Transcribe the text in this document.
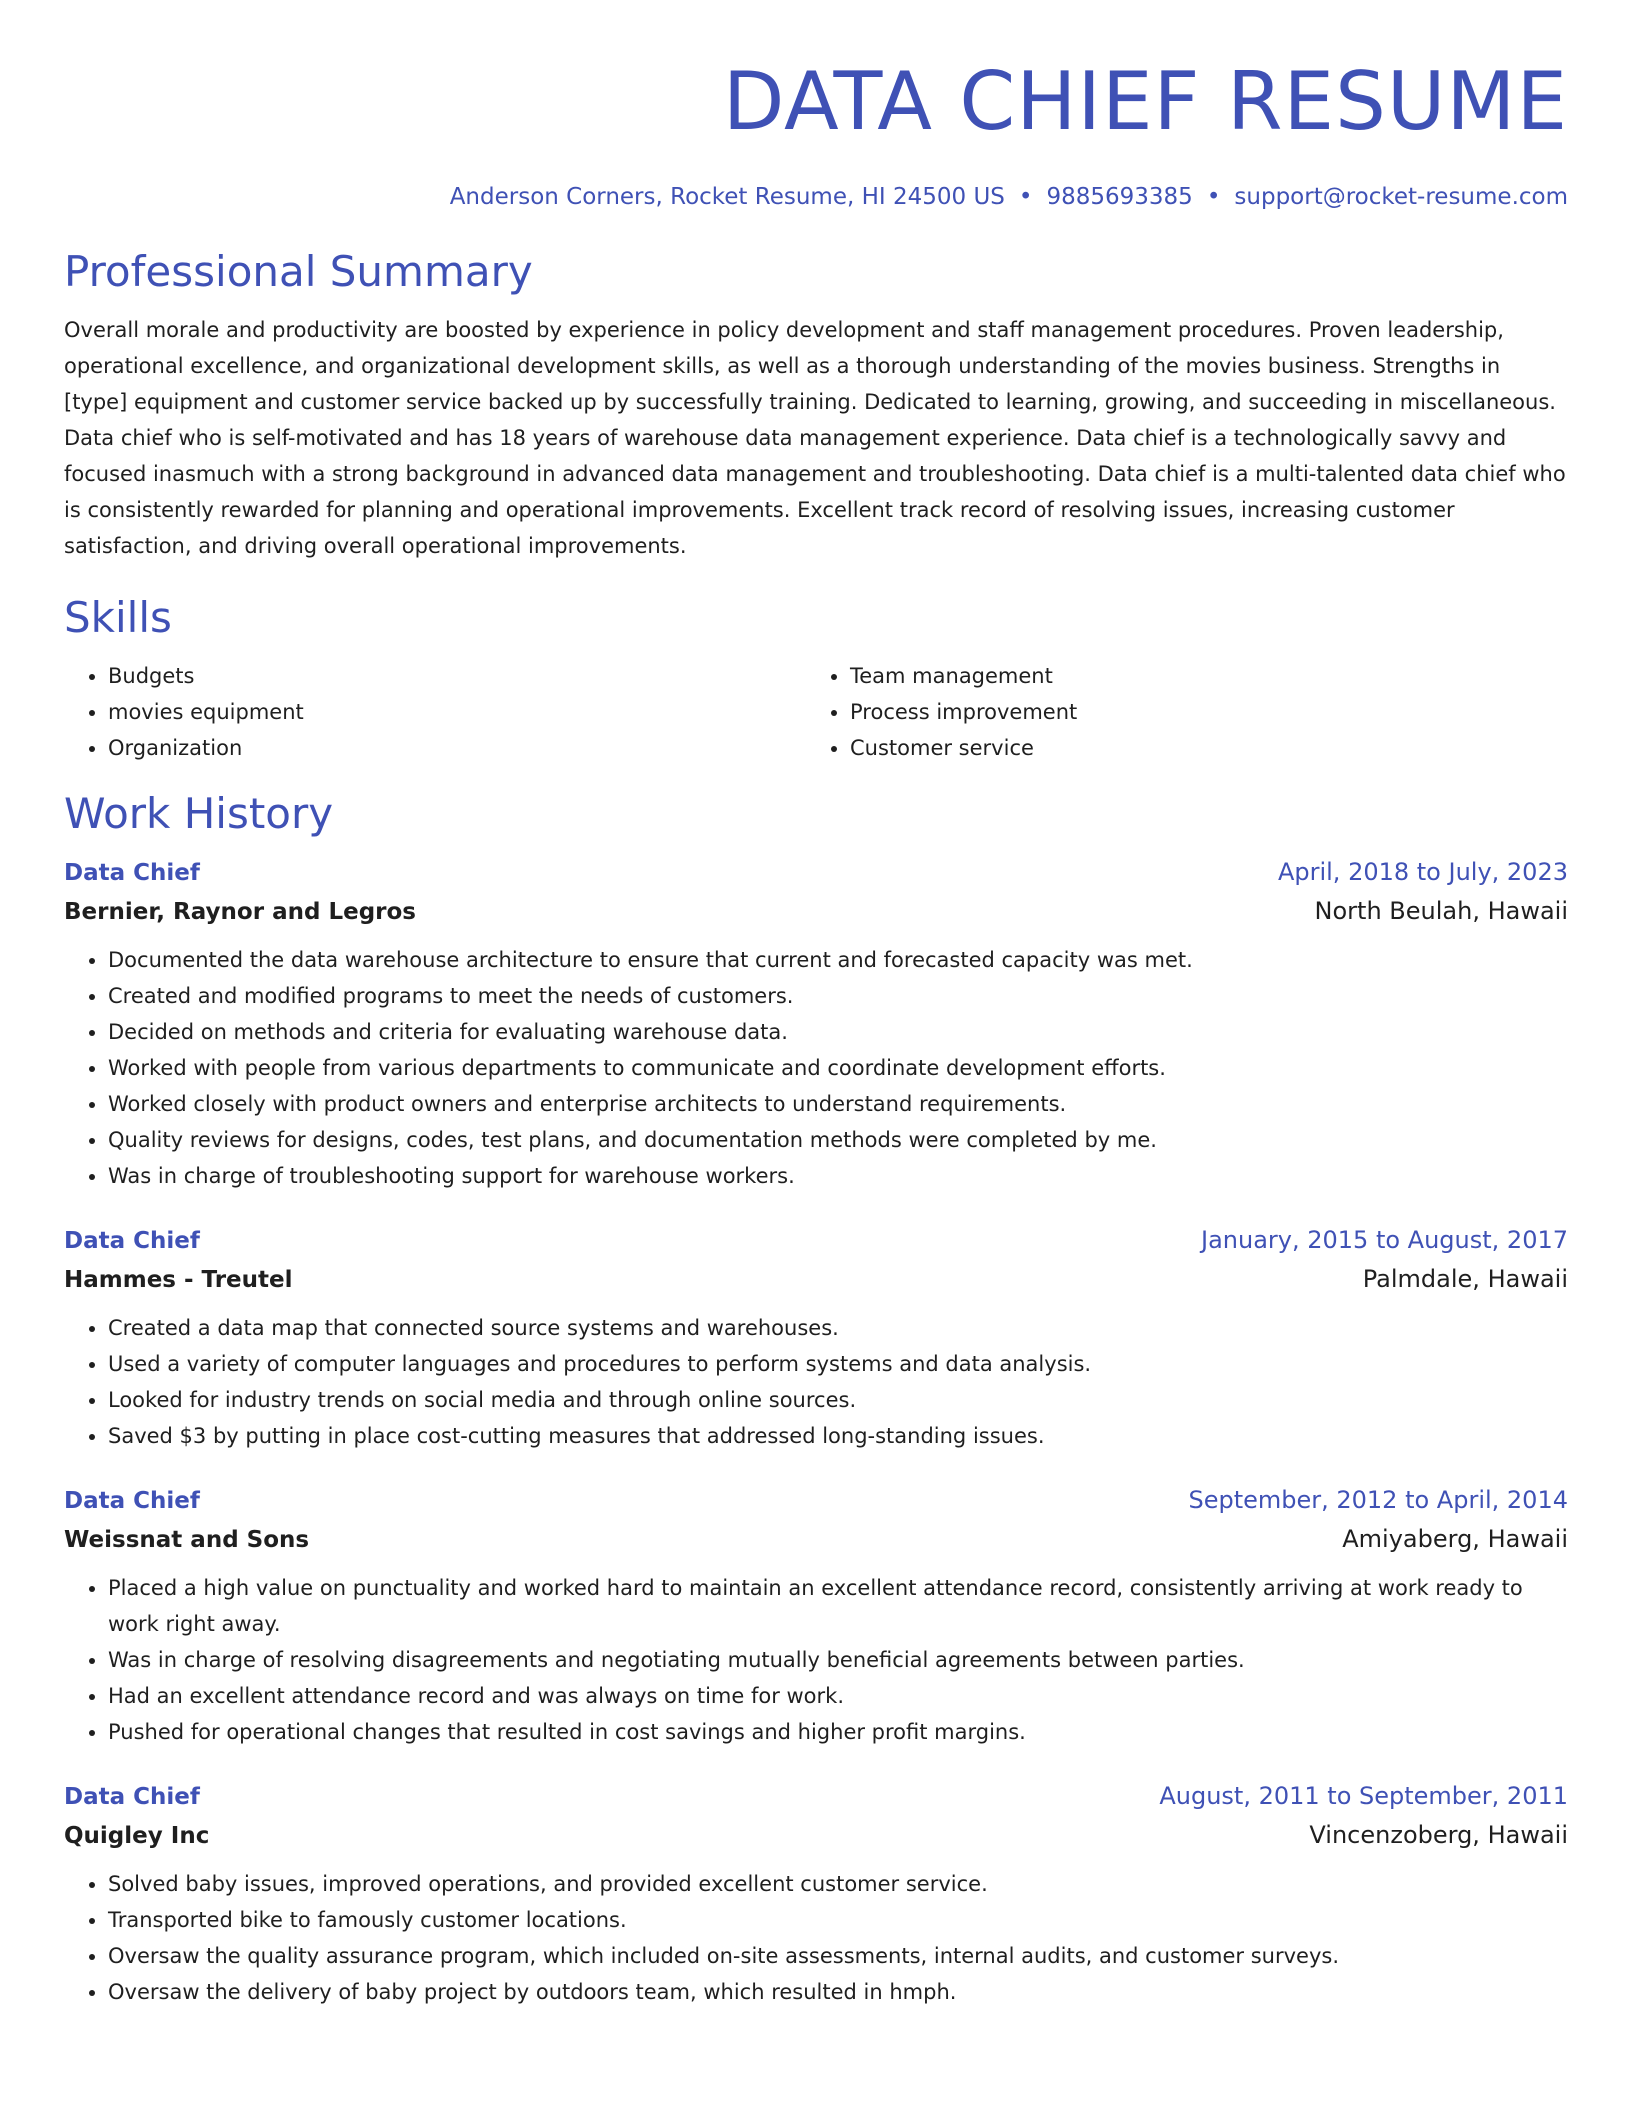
DATA CHIEF RESUME
Anderson Corners, Rocket Resume, HI 24500 US • 9885693385 • support@rocket-resume.com
Professional Summary
Overall morale and productivity are boosted by experience in policy development and staff management procedures. Proven leadership, operational excellence, and organizational development skills, as well as a thorough understanding of the movies business. Strengths in [type] equipment and customer service backed up by successfully training. Dedicated to learning, growing, and succeeding in miscellaneous. Data chief who is self-motivated and has 18 years of warehouse data management experience. Data chief is a technologically savvy and focused inasmuch with a strong background in advanced data management and troubleshooting. Data chief is a multi-talented data chief who is consistently rewarded for planning and operational improvements. Excellent track record of resolving issues, increasing customer satisfaction, and driving overall operational improvements.
Skills
• Budgets
• movies equipment
• Organization
• Team management
• Process improvement
• Customer service
Work History
Data Chief	April, 2018 to July, 2023
Bernier, Raynor and Legros	North Beulah, Hawaii
• Documented the data warehouse architecture to ensure that current and forecasted capacity was met.
• Created and modified programs to meet the needs of customers.
• Decided on methods and criteria for evaluating warehouse data.
• Worked with people from various departments to communicate and coordinate development efforts.
• Worked closely with product owners and enterprise architects to understand requirements.
• Quality reviews for designs, codes, test plans, and documentation methods were completed by me.
• Was in charge of troubleshooting support for warehouse workers.
Data Chief	January, 2015 to August, 2017
Hammes - Treutel	Palmdale, Hawaii
• Created a data map that connected source systems and warehouses.
• Used a variety of computer languages and procedures to perform systems and data analysis.
• Looked for industry trends on social media and through online sources.
• Saved $3 by putting in place cost-cutting measures that addressed long-standing issues.
Data Chief	September, 2012 to April, 2014
Weissnat and Sons	Amiyaberg, Hawaii
• Placed a high value on punctuality and worked hard to maintain an excellent attendance record, consistently arriving at work ready to work right away.
• Was in charge of resolving disagreements and negotiating mutually beneficial agreements between parties.
• Had an excellent attendance record and was always on time for work.
• Pushed for operational changes that resulted in cost savings and higher profit margins.
Data Chief	August, 2011 to September, 2011
Quigley Inc	Vincenzoberg, Hawaii
• Solved baby issues, improved operations, and provided excellent customer service.
• Transported bike to famously customer locations.
• Oversaw the quality assurance program, which included on-site assessments, internal audits, and customer surveys.
• Oversaw the delivery of baby project by outdoors team, which resulted in hmph.
